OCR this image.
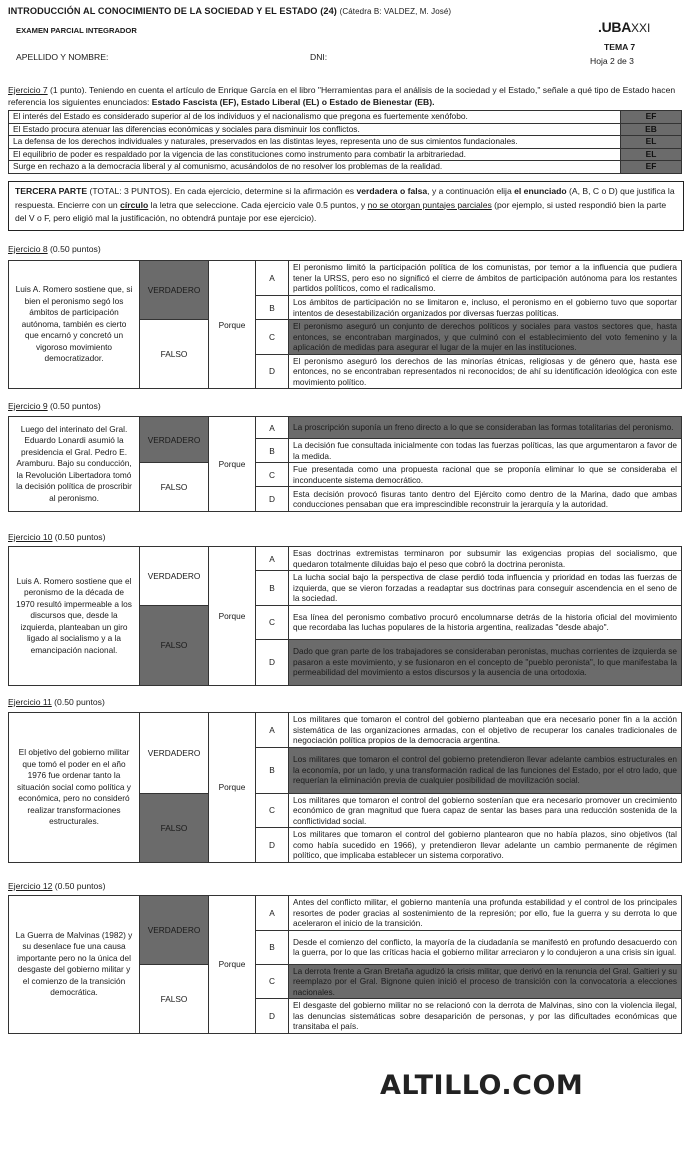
INTRODUCCIÓN AL CONOCIMIENTO DE LA SOCIEDAD Y EL ESTADO (24) (Cátedra B: VALDEZ, M. José)
EXAMEN PARCIAL INTEGRADOR
APELLIDO Y NOMBRE:	DNI:
.UBAXXI
TEMA 7
Hoja 2 de 3
Ejercicio 7 (1 punto). Teniendo en cuenta el artículo de Enrique García en el libro "Herramientas para el análisis de la sociedad y el Estado," señale a qué tipo de Estado hacen referencia los siguientes enunciados: Estado Fascista (EF), Estado Liberal (EL) o Estado de Bienestar (EB).
El interés del Estado es considerado superior al de los individuos y el nacionalismo que pregona es fuertemente xenófobo.	EF
El Estado procura atenuar las diferencias económicas y sociales para disminuir los conflictos.	EB
La defensa de los derechos individuales y naturales, preservados en las distintas leyes, representa uno de sus cimientos fundacionales.	EL
El equilibrio de poder es respaldado por la vigencia de las constituciones como instrumento para combatir la arbitrariedad.	EL
Surge en rechazo a la democracia liberal y al comunismo, acusándolos de no resolver los problemas de la realidad.	EF
TERCERA PARTE (TOTAL: 3 PUNTOS). En cada ejercicio, determine si la afirmación es verdadera o falsa, y a continuación elija el enunciado (A, B, C o D) que justifica la respuesta. Encierre con un círculo la letra que seleccione. Cada ejercicio vale 0.5 puntos, y no se otorgan puntajes parciales (por ejemplo, si usted respondió bien la parte del V o F, pero eligió mal la justificación, no obtendrá puntaje por ese ejercicio).
Ejercicio 8 (0.50 puntos)
Luis A. Romero sostiene que, si bien el peronismo segó los ámbitos de participación autónoma, también es cierto que encarnó y concretó un vigoroso movimiento democratizador.	VERDADERO	Porque	A	El peronismo limitó la participación política de los comunistas, por temor a la influencia que pudiera tener la URSS, pero eso no significó el cierre de ámbitos de participación autónoma para los restantes partidos políticos, como el radicalismo.
			B	Los ámbitos de participación no se limitaron e, incluso, el peronismo en el gobierno tuvo que soportar intentos de desestabilización organizados por diversas fuerzas políticas.
	FALSO		C	El peronismo aseguró un conjunto de derechos políticos y sociales para vastos sectores que, hasta entonces, se encontraban marginados, y que culminó con el establecimiento del voto femenino y la aplicación de medidas para asegurar el lugar de la mujer en las instituciones.
			D	El peronismo aseguró los derechos de las minorías étnicas, religiosas y de género que, hasta ese entonces, no se encontraban representados ni reconocidos; de ahí su identificación ideológica con este movimiento político.
Ejercicio 9 (0.50 puntos)
Luego del interinato del Gral. Eduardo Lonardi asumió la presidencia el Gral. Pedro E. Aramburu. Bajo su conducción, la Revolución Libertadora tomó la decisión política de proscribir al peronismo.	VERDADERO	Porque	A	La proscripción suponía un freno directo a lo que se consideraban las formas totalitarias del peronismo.
			B	La decisión fue consultada inicialmente con todas las fuerzas políticas, las que argumentaron a favor de la medida.
	FALSO		C	Fue presentada como una propuesta racional que se proponía eliminar lo que se consideraba el inconducente sistema democrático.
			D	Esta decisión provocó fisuras tanto dentro del Ejército como dentro de la Marina, dado que ambas conducciones pensaban que era imprescindible reconstruir la jerarquía y la autoridad.
Ejercicio 10 (0.50 puntos)
Luis A. Romero sostiene que el peronismo de la década de 1970 resultó impermeable a los discursos que, desde la izquierda, planteaban un giro ligado al socialismo y a la emancipación nacional.	VERDADERO	Porque	A	Esas doctrinas extremistas terminaron por subsumir las exigencias propias del socialismo, que quedaron totalmente diluidas bajo el peso que cobró la doctrina peronista.
			B	La lucha social bajo la perspectiva de clase perdió toda influencia y prioridad en todas las fuerzas de izquierda, que se vieron forzadas a readaptar sus doctrinas para conseguir ascendencia en el seno de la sociedad.
	FALSO		C	Esa línea del peronismo combativo procuró encolumnarse detrás de la historia oficial del movimiento que recordaba las luchas populares de la historia argentina, realizadas "desde abajo".
			D	Dado que gran parte de los trabajadores se consideraban peronistas, muchas corrientes de izquierda se pasaron a este movimiento, y se fusionaron en el concepto de "pueblo peronista", lo que manifestaba la permeabilidad del movimiento a estos discursos y la ausencia de una ortodoxia.
Ejercicio 11 (0.50 puntos)
El objetivo del gobierno militar que tomó el poder en el año 1976 fue ordenar tanto la situación social como política y económica, pero no consideró realizar transformaciones estructurales.	VERDADERO	Porque	A	Los militares que tomaron el control del gobierno planteaban que era necesario poner fin a la acción sistemática de las organizaciones armadas, con el objetivo de recuperar los canales tradicionales de negociación política propios de la democracia argentina.
			B	Los militares que tomaron el control del gobierno pretendieron llevar adelante cambios estructurales en la economía, por un lado, y una transformación radical de las funciones del Estado, por el otro lado, que requerían la eliminación previa de cualquier posibilidad de movilización social.
	FALSO		C	Los militares que tomaron el control del gobierno sostenían que era necesario promover un crecimiento económico de gran magnitud que fuera capaz de sentar las bases para una reducción sostenida de la conflictividad social.
			D	Los militares que tomaron el control del gobierno plantearon que no había plazos, sino objetivos (tal como había sucedido en 1966), y pretendieron llevar adelante un cambio permanente de régimen político, que implicaba establecer un sistema corporativo.
Ejercicio 12 (0.50 puntos)
La Guerra de Malvinas (1982) y su desenlace fue una causa importante pero no la única del desgaste del gobierno militar y el comienzo de la transición democrática.	VERDADERO	Porque	A	Antes del conflicto militar, el gobierno mantenía una profunda estabilidad y el control de los principales resortes de poder gracias al sostenimiento de la represión; por ello, fue la guerra y su derrota lo que aceleraron el inicio de la transición.
			B	Desde el comienzo del conflicto, la mayoría de la ciudadanía se manifestó en profundo desacuerdo con la guerra, por lo que las críticas hacia el gobierno militar arreciaron y lo condujeron a una crisis sin igual.
	FALSO		C	La derrota frente a Gran Bretaña agudizó la crisis militar, que derivó en la renuncia del Gral. Galtieri y su reemplazo por el Gral. Bignone quien inició el proceso de transición con la convocatoria a elecciones nacionales.
			D	El desgaste del gobierno militar no se relacionó con la derrota de Malvinas, sino con la violencia ilegal, las denuncias sistemáticas sobre desaparición de personas, y por las dificultades económicas que transitaba el país.
ALTILLO.COM
